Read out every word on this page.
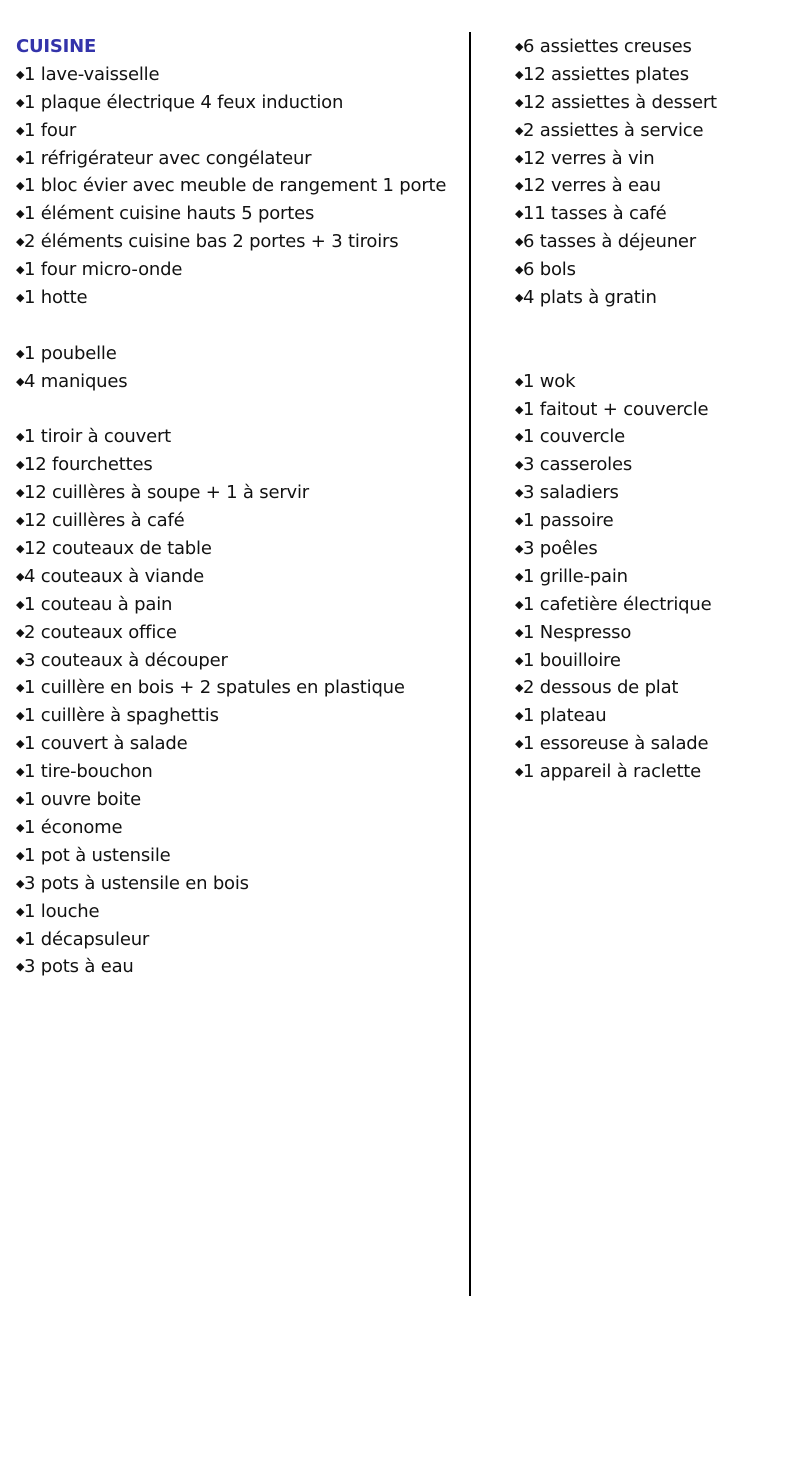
CUISINE
◆1 lave-vaisselle
◆1 plaque électrique 4 feux induction
◆1 four
◆1 réfrigérateur avec congélateur
◆1 bloc évier avec meuble de rangement 1 porte
◆1 élément cuisine hauts 5 portes
◆2 éléments cuisine bas 2 portes + 3 tiroirs
◆1 four micro-onde
◆1 hotte
◆1 poubelle
◆4 maniques
◆1 tiroir à couvert
◆12 fourchettes
◆12 cuillères à soupe + 1 à servir
◆12 cuillères à café
◆12 couteaux de table
◆4 couteaux à viande
◆1 couteau à pain
◆2 couteaux office
◆3 couteaux à découper
◆1 cuillère en bois + 2 spatules en plastique
◆1 cuillère à spaghettis
◆1 couvert à salade
◆1 tire-bouchon
◆1 ouvre boite
◆1 économe
◆1 pot à ustensile
◆3 pots à ustensile en bois
◆1 louche
◆1 décapsuleur
◆3 pots à eau
◆6 assiettes creuses
◆12 assiettes plates
◆12 assiettes à dessert
◆2 assiettes à service
◆12 verres à vin
◆12 verres à eau
◆11 tasses à café
◆6 tasses à déjeuner
◆6 bols
◆4 plats à gratin
◆1 wok
◆1 faitout + couvercle
◆1 couvercle
◆3 casseroles
◆3 saladiers
◆1 passoire
◆3 poêles
◆1 grille-pain
◆1 cafetière électrique
◆1 Nespresso
◆1 bouilloire
◆2 dessous de plat
◆1 plateau
◆1 essoreuse à salade
◆1 appareil à raclette
